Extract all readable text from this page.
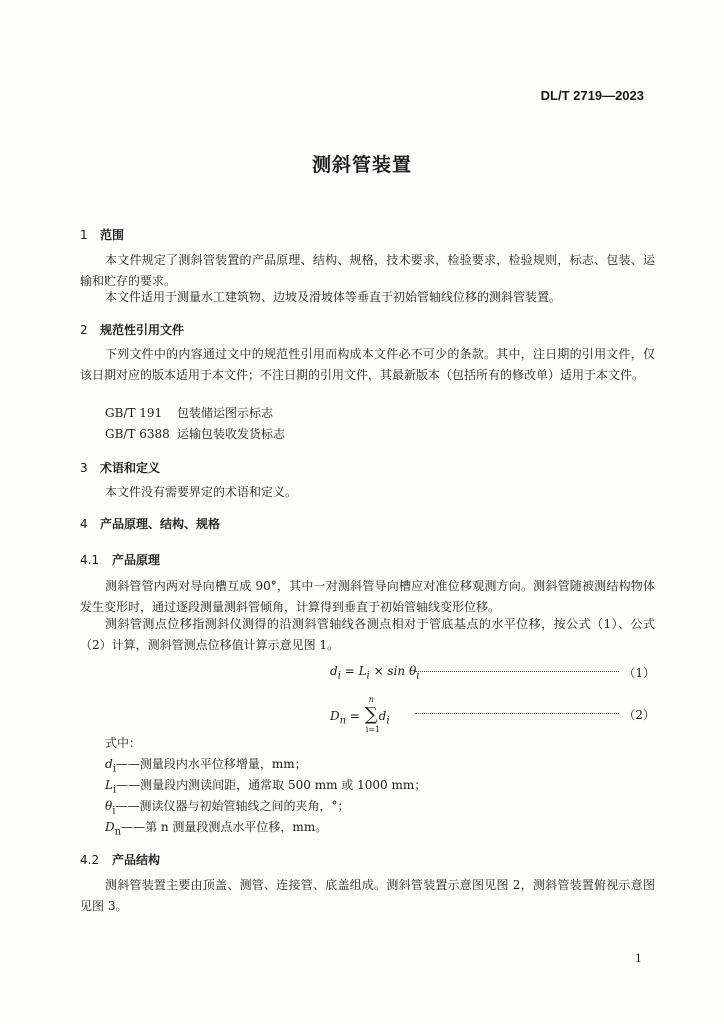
DL/T 2719—2023
测斜管装置
1 范围
本文件规定了测斜管装置的产品原理、结构、规格，技术要求，检验要求，检验规则，标志、包装、运输和贮存的要求。
本文件适用于测量水工建筑物、边坡及滑坡体等垂直于初始管轴线位移的测斜管装置。
2 规范性引用文件
下列文件中的内容通过文中的规范性引用而构成本文件必不可少的条款。其中，注日期的引用文件，仅该日期对应的版本适用于本文件；不注日期的引用文件，其最新版本（包括所有的修改单）适用于本文件。
GB/T 191 包装储运图示标志
GB/T 6388 运输包装收发货标志
3 术语和定义
本文件没有需要界定的术语和定义。
4 产品原理、结构、规格
4.1 产品原理
测斜管管内两对导向槽互成 90°，其中一对测斜管导向槽应对准位移观测方向。测斜管随被测结构物体发生变形时，通过逐段测量测斜管倾角，计算得到垂直于初始管轴线变形位移。
测斜管测点位移指测斜仪测得的沿测斜管轴线各测点相对于管底基点的水平位移，按公式（1）、公式（2）计算，测斜管测点位移值计算示意见图 1。
$d_i = L_i \times \sin \theta_i$	（1）
$D_n$ = ∑
n
i=1
$d_i$	（2）
式中：
$d_i——$测量段内水平位移增量，mm；
$L_i——$测量段内测读间距，通常取 500 mm 或 1000 mm；
$\theta_i——$测读仪器与初始管轴线之间的夹角，°；
$D_n——$第 n 测量段测点水平位移，mm。
4.2 产品结构
测斜管装置主要由顶盖、测管、连接管、底盖组成。测斜管装置示意图见图 2，测斜管装置俯视示意图见图 3。
1
